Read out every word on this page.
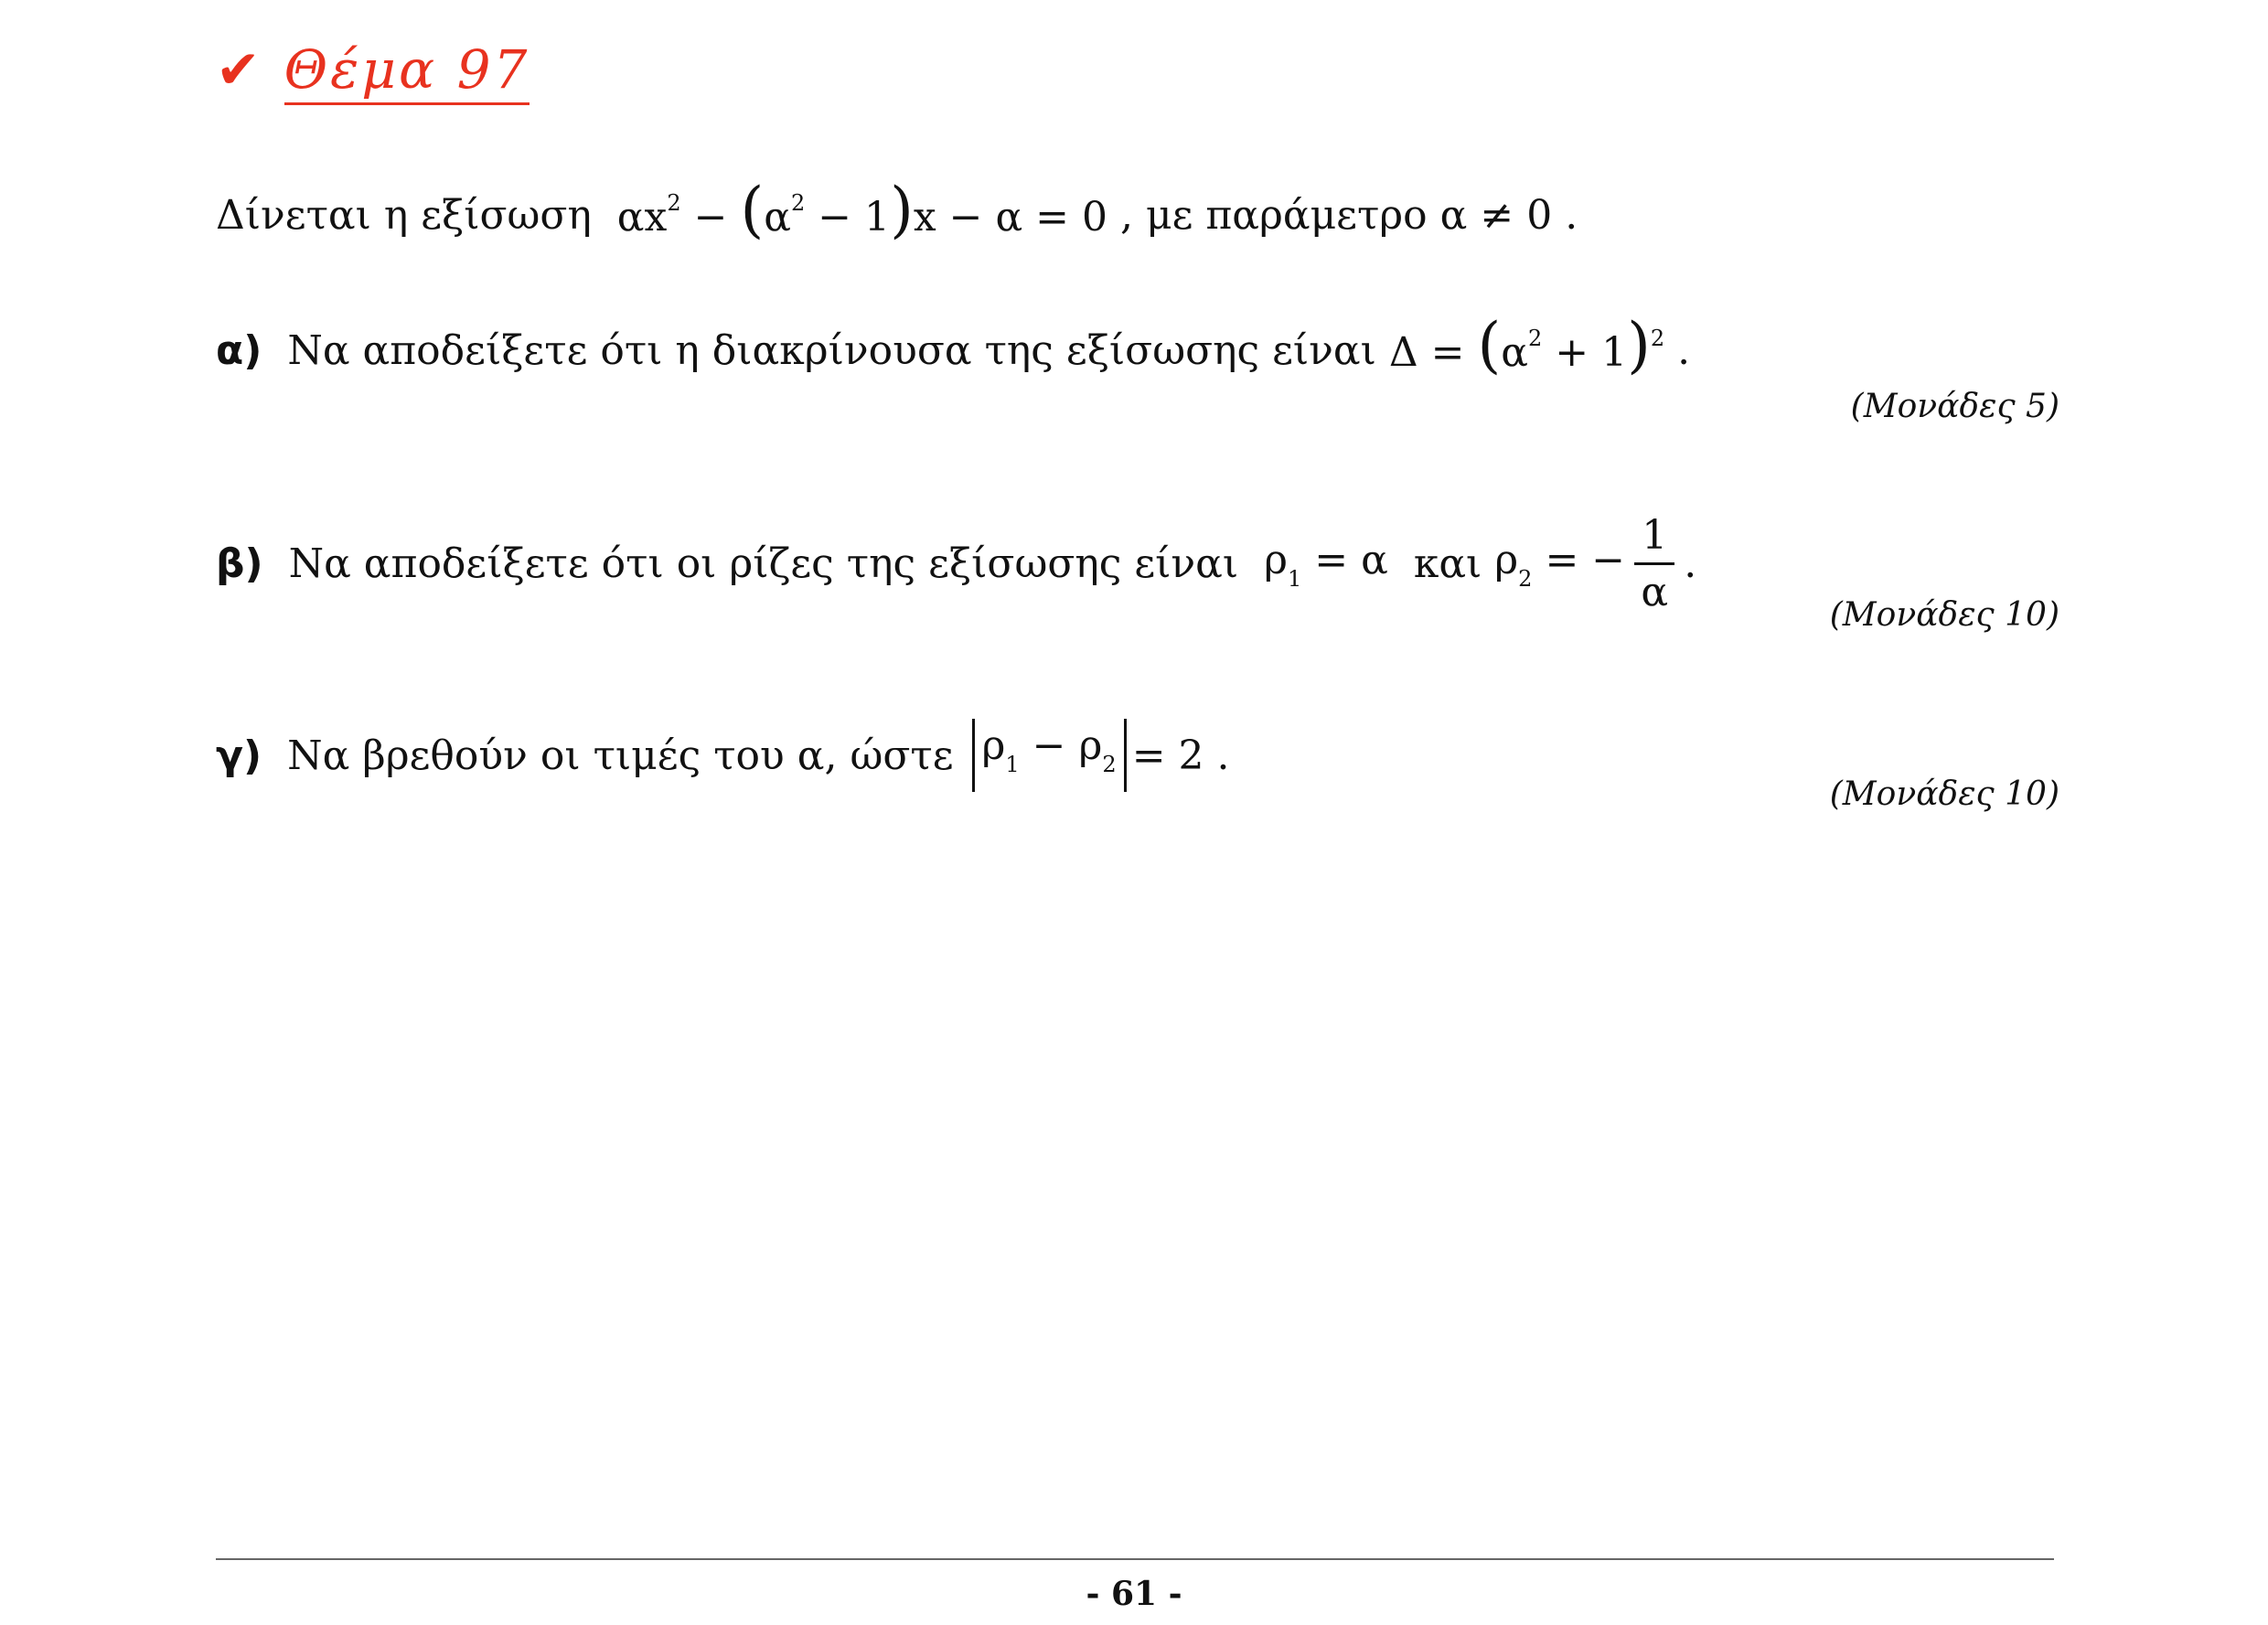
✔ Θέμα 97
Δίνεται η εξίσωση
$\alpha x^2 - (\alpha^2 - 1)x - \alpha = 0$
, με παράμετρο
α ≠ 0
.
α) Να αποδείξετε ότι η διακρίνουσα της εξίσωσης είναι
$\Delta = (\alpha^2 + 1)^2$
.
(Μονάδες 5)
β) Να αποδείξετε ότι οι ρίζες της εξίσωσης είναι
$\rho_1 = \alpha$
και
$\rho_2$ = − $\frac{1}{\alpha}$ .
(Μονάδες 10)
γ) Να βρεθούν οι τιμές του α, ώστε
$\rho_1 - \rho_2 = 2$
.
(Μονάδες 10)
- 61 -
